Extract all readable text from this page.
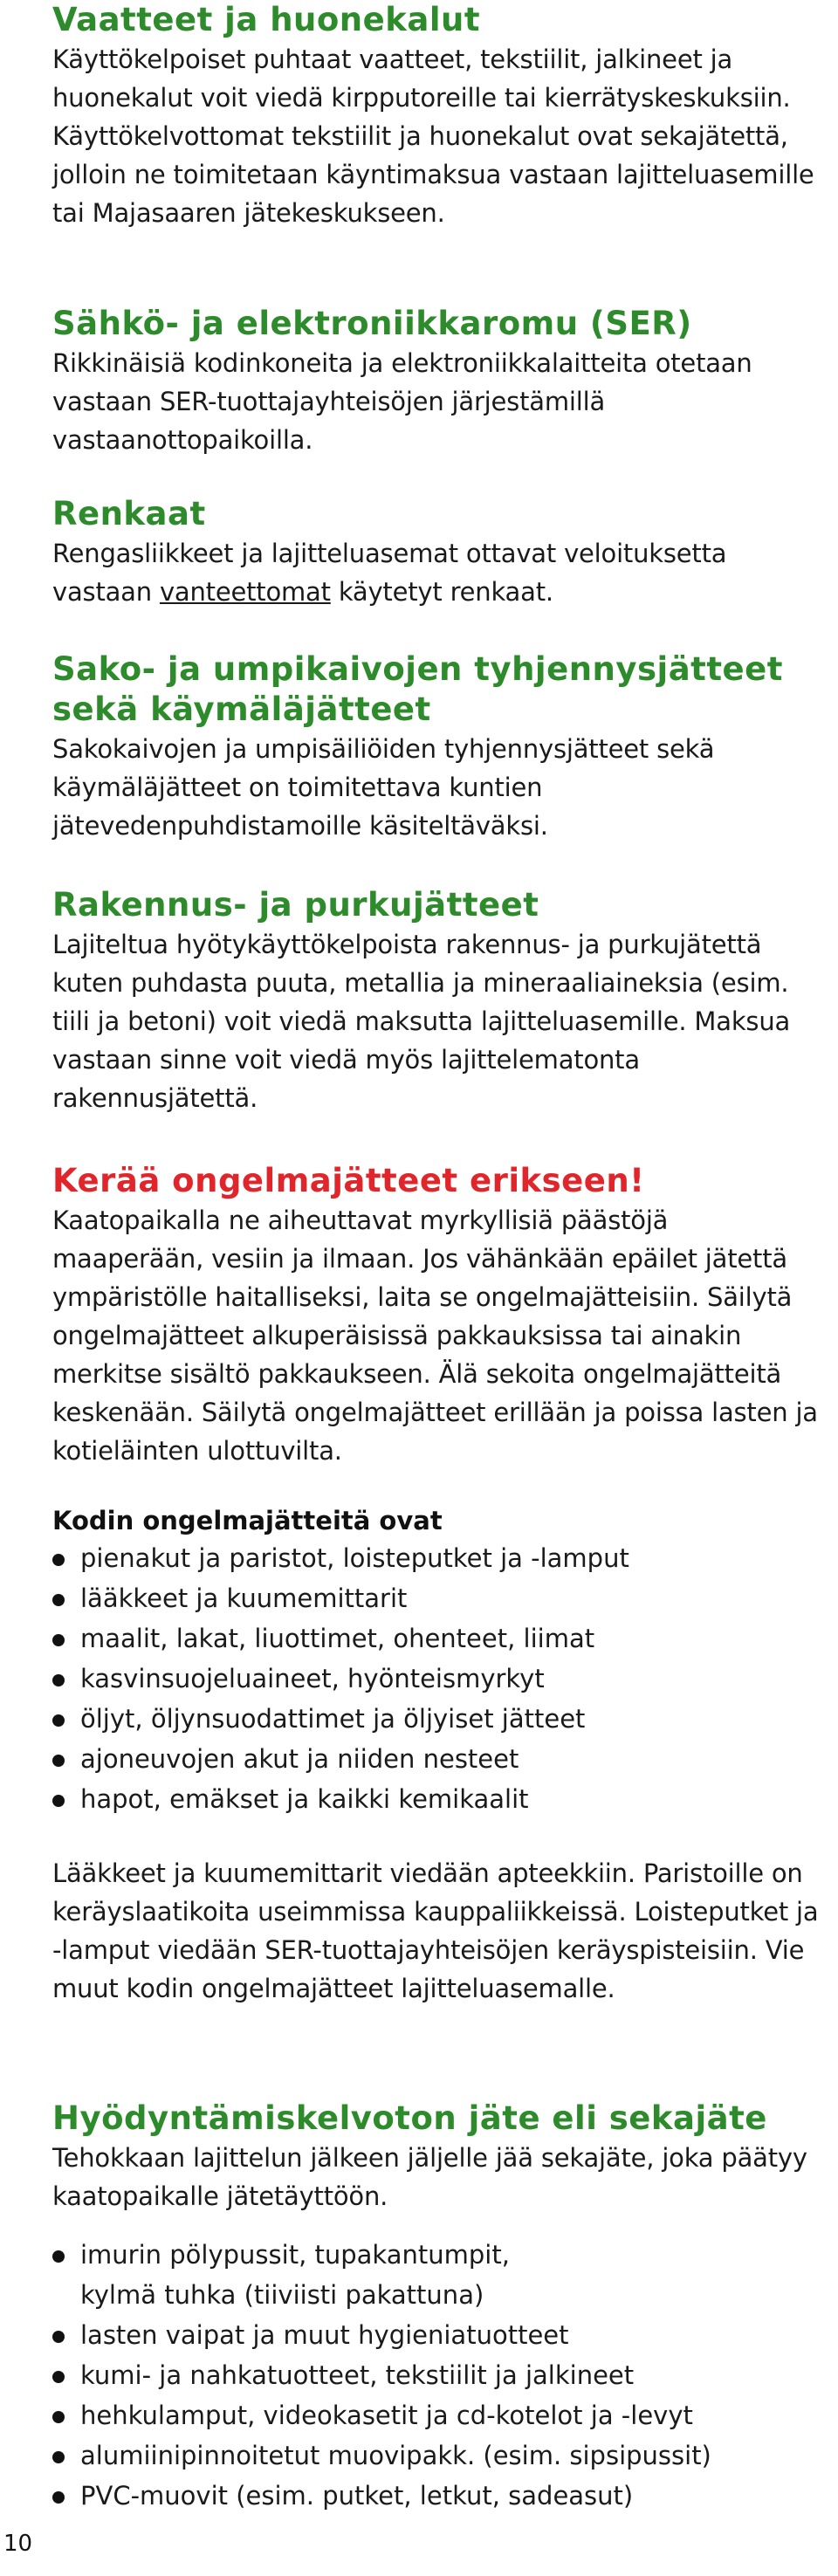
Vaatteet ja huonekalut

Käyttökelpoiset puhtaat vaatteet, tekstiilit, jalkineet ja huonekalut voit viedä kirpputoreille tai kierrätyskeskuksiin. Käyttökelvottomat tekstiilit ja huonekalut ovat sekajätettä, jolloin ne toimitetaan käyntimaksua vastaan lajitteluasemille tai Majasaaren jätekeskukseen.

Sähkö- ja elektroniikkaromu (SER)

Rikkinäisiä kodinkoneita ja elektroniikkalaitteita otetaan vastaan SER-tuottajayhteisöjen järjestämillä vastaanottopaikoilla.

Renkaat

Rengasliikkeet ja lajitteluasemat ottavat veloituksetta vastaan vanteettomat käytetyt renkaat.

Sako- ja umpikaivojen tyhjennysjätteet
sekä käymäläjätteet

Sakokaivojen ja umpisäiliöiden tyhjennysjätteet sekä käymäläjätteet on toimitettava kuntien jätevedenpuhdistamoille käsiteltäväksi.

Rakennus- ja purkujätteet

Lajiteltua hyötykäyttökelpoista rakennus- ja purkujätettä kuten puhdasta puuta, metallia ja mineraaliaineksia (esim. tiili ja betoni) voit viedä maksutta lajitteluasemille. Maksua vastaan sinne voit viedä myös lajittelematonta rakennusjätettä.

Kerää ongelmajätteet erikseen!

Kaatopaikalla ne aiheuttavat myrkyllisiä päästöjä maaperään, vesiin ja ilmaan. Jos vähänkään epäilet jätettä ympäristölle haitalliseksi, laita se ongelmajätteisiin. Säilytä ongelmajätteet alkuperäisissä pakkauksissa tai ainakin merkitse sisältö pakkaukseen. Älä sekoita ongelmajätteitä keskenään. Säilytä ongelmajätteet erillään ja poissa lasten ja kotieläinten ulottuvilta.

Kodin ongelmajätteitä ovat
pienakut ja paristot, loisteputket ja -lamput
lääkkeet ja kuumemittarit
maalit, lakat, liuottimet, ohenteet, liimat
kasvinsuojeluaineet, hyönteismyrkyt
öljyt, öljynsuodattimet ja öljyiset jätteet
ajoneuvojen akut ja niiden nesteet
hapot, emäkset ja kaikki kemikaalit

Lääkkeet ja kuumemittarit viedään apteekkiin. Paristoille on keräyslaatikoita useimmissa kauppaliikkeissä. Loisteputket ja -lamput viedään SER-tuottajayhteisöjen keräyspisteisiin. Vie muut kodin ongelmajätteet lajitteluasemalle.

Hyödyntämiskelvoton jäte eli sekajäte

Tehokkaan lajittelun jälkeen jäljelle jää sekajäte, joka päätyy kaatopaikalle jätetäyttöön.

imurin pölypussit, tupakantumpit,
kylmä tuhka (tiiviisti pakattuna)
lasten vaipat ja muut hygieniatuotteet
kumi- ja nahkatuotteet, tekstiilit ja jalkineet
hehkulamput, videokasetit ja cd-kotelot ja -levyt
alumiinipinnoitetut muovipakk. (esim. sipsipussit)
PVC-muovit (esim. putket, letkut, sadeasut)
10
